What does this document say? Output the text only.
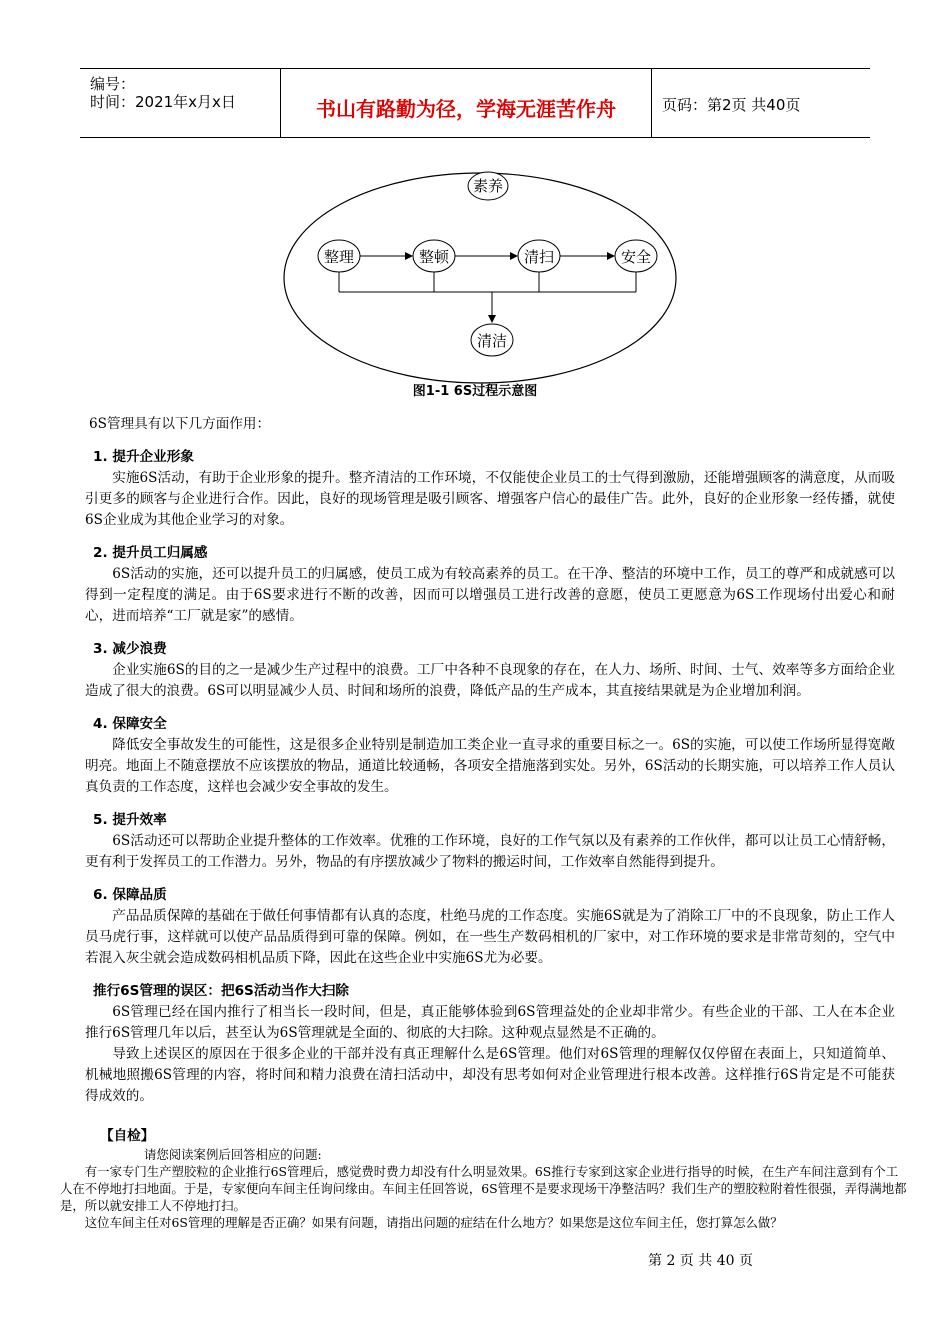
编号：
时间：2021年x月x日	书山有路勤为径，学海无涯苦作舟	页码：第2页 共40页
素养
整理	整顿	清扫	安全
清洁
图1-1 6S过程示意图

6S管理具有以下几方面作用：

1. 提升企业形象

实施6S活动，有助于企业形象的提升。整齐清洁的工作环境，不仅能使企业员工的士气得到激励，还能增强顾客的满意度，从而吸引更多的顾客与企业进行合作。因此，良好的现场管理是吸引顾客、增强客户信心的最佳广告。此外，良好的企业形象一经传播，就使6S企业成为其他企业学习的对象。

2. 提升员工归属感

6S活动的实施，还可以提升员工的归属感，使员工成为有较高素养的员工。在干净、整洁的环境中工作，员工的尊严和成就感可以得到一定程度的满足。由于6S要求进行不断的改善，因而可以增强员工进行改善的意愿，使员工更愿意为6S工作现场付出爱心和耐心，进而培养“工厂就是家”的感情。

3. 减少浪费

企业实施6S的目的之一是减少生产过程中的浪费。工厂中各种不良现象的存在，在人力、场所、时间、士气、效率等多方面给企业造成了很大的浪费。6S可以明显减少人员、时间和场所的浪费，降低产品的生产成本，其直接结果就是为企业增加利润。

4. 保障安全

降低安全事故发生的可能性，这是很多企业特别是制造加工类企业一直寻求的重要目标之一。6S的实施，可以使工作场所显得宽敞明亮。地面上不随意摆放不应该摆放的物品，通道比较通畅，各项安全措施落到实处。另外，6S活动的长期实施，可以培养工作人员认真负责的工作态度，这样也会减少安全事故的发生。

5. 提升效率

6S活动还可以帮助企业提升整体的工作效率。优雅的工作环境，良好的工作气氛以及有素养的工作伙伴，都可以让员工心情舒畅，更有利于发挥员工的工作潜力。另外，物品的有序摆放减少了物料的搬运时间，工作效率自然能得到提升。

6. 保障品质

产品品质保障的基础在于做任何事情都有认真的态度，杜绝马虎的工作态度。实施6S就是为了消除工厂中的不良现象，防止工作人员马虎行事，这样就可以使产品品质得到可靠的保障。例如，在一些生产数码相机的厂家中，对工作环境的要求是非常苛刻的，空气中若混入灰尘就会造成数码相机品质下降，因此在这些企业中实施6S尤为必要。

推行6S管理的误区：把6S活动当作大扫除

6S管理已经在国内推行了相当长一段时间，但是，真正能够体验到6S管理益处的企业却非常少。有些企业的干部、工人在本企业推行6S管理几年以后，甚至认为6S管理就是全面的、彻底的大扫除。这种观点显然是不正确的。

导致上述误区的原因在于很多企业的干部并没有真正理解什么是6S管理。他们对6S管理的理解仅仅停留在表面上，只知道简单、机械地照搬6S管理的内容，将时间和精力浪费在清扫活动中，却没有思考如何对企业管理进行根本改善。这样推行6S肯定是不可能获得成效的。

【自检】

请您阅读案例后回答相应的问题:

有一家专门生产塑胶粒的企业推行6S管理后，感觉费时费力却没有什么明显效果。6S推行专家到这家企业进行指导的时候，在生产车间注意到有个工人在不停地打扫地面。于是，专家便向车间主任询问缘由。车间主任回答说，6S管理不是要求现场干净整洁吗？我们生产的塑胶粒附着性很强，弄得满地都是，所以就安排工人不停地打扫。

这位车间主任对6S管理的理解是否正确？如果有问题，请指出问题的症结在什么地方？如果您是这位车间主任，您打算怎么做？

第 2 页 共 40 页
